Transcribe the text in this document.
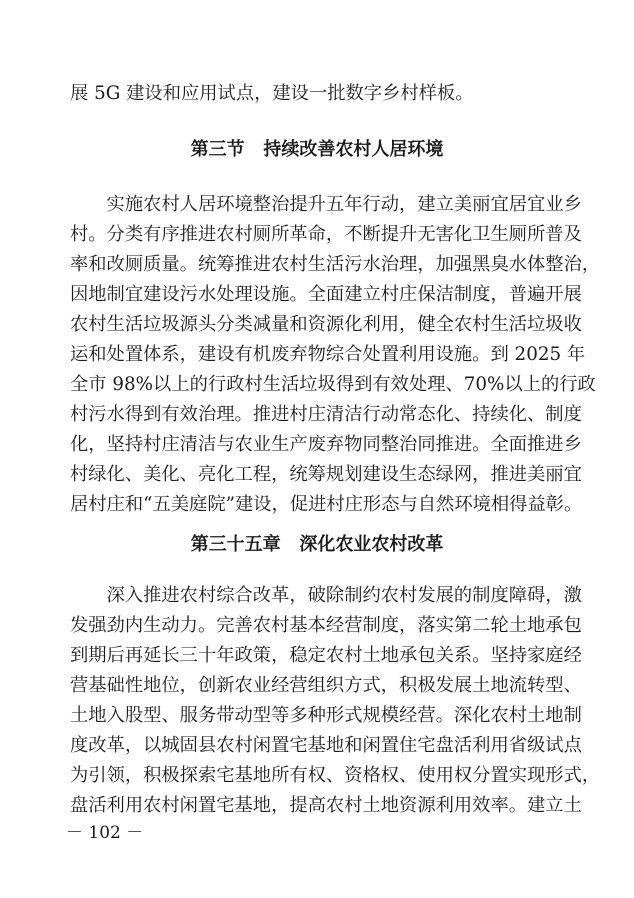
展 5G 建设和应用试点，建设一批数字乡村样板。
第三节   持续改善农村人居环境
　　实施农村人居环境整治提升五年行动，建立美丽宜居宜业乡
村。分类有序推进农村厕所革命，不断提升无害化卫生厕所普及
率和改厕质量。统筹推进农村生活污水治理，加强黑臭水体整治，
因地制宜建设污水处理设施。全面建立村庄保洁制度，普遍开展
农村生活垃圾源头分类减量和资源化利用，健全农村生活垃圾收
运和处置体系，建设有机废弃物综合处置利用设施。到 2025 年
全市 98%以上的行政村生活垃圾得到有效处理、70%以上的行政
村污水得到有效治理。推进村庄清洁行动常态化、持续化、制度
化，坚持村庄清洁与农业生产废弃物同整治同推进。全面推进乡
村绿化、美化、亮化工程，统筹规划建设生态绿网，推进美丽宜
居村庄和“五美庭院”建设，促进村庄形态与自然环境相得益彰。
第三十五章   深化农业农村改革
　　深入推进农村综合改革，破除制约农村发展的制度障碍，激
发强劲内生动力。完善农村基本经营制度，落实第二轮土地承包
到期后再延长三十年政策，稳定农村土地承包关系。坚持家庭经
营基础性地位，创新农业经营组织方式，积极发展土地流转型、
土地入股型、服务带动型等多种形式规模经营。深化农村土地制
度改革，以城固县农村闲置宅基地和闲置住宅盘活利用省级试点
为引领，积极探索宅基地所有权、资格权、使用权分置实现形式，
盘活利用农村闲置宅基地，提高农村土地资源利用效率。建立土
－ 102 －
